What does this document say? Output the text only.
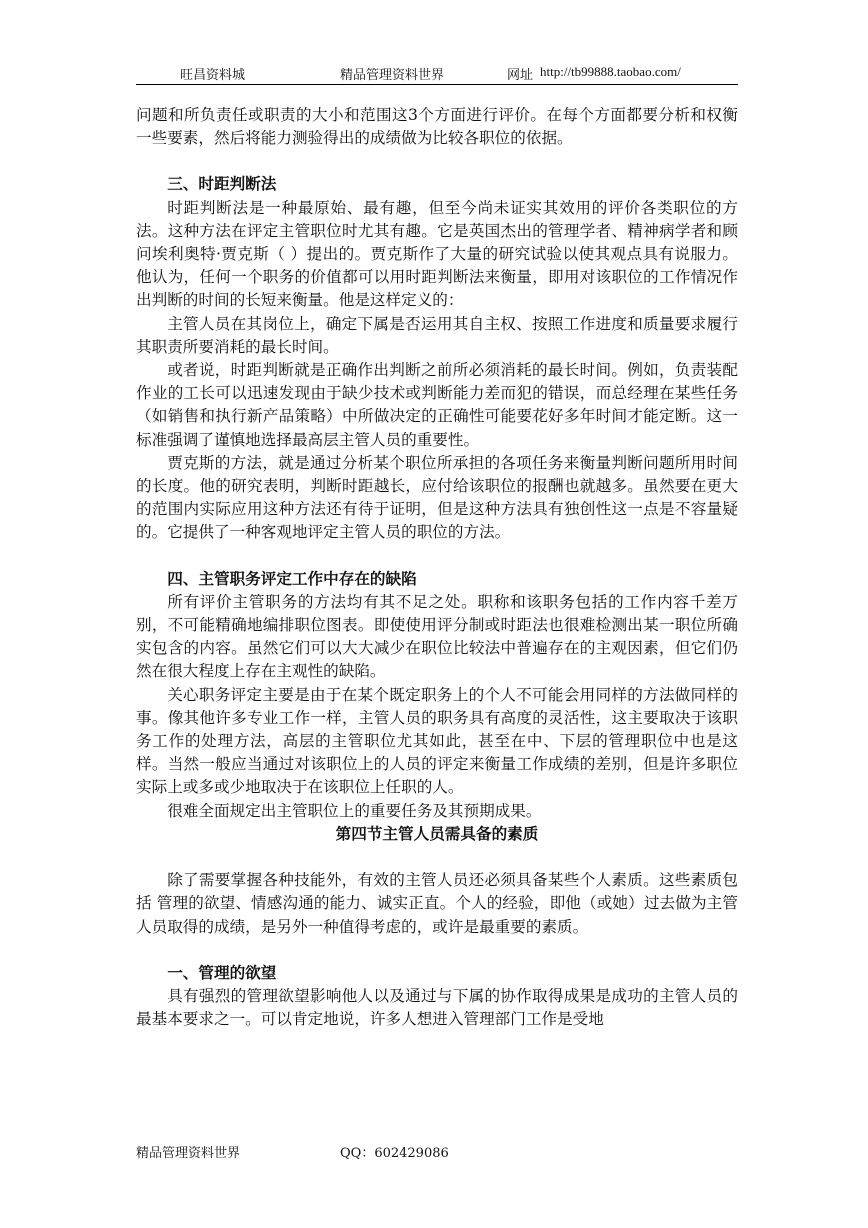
旺昌资料城	精品管理资料世界	网址 http://tb99888.taobao.com/

问题和所负责任或职责的大小和范围这3个方面进行评价。在每个方面都要分析和权衡一些要素，然后将能力测验得出的成绩做为比较各职位的依据。

三、时距判断法

时距判断法是一种最原始、最有趣，但至今尚未证实其效用的评价各类职位的方法。这种方法在评定主管职位时尤其有趣。它是英国杰出的管理学者、精神病学者和顾问埃利奥特·贾克斯（ ）提出的。贾克斯作了大量的研究试验以使其观点具有说服力。他认为，任何一个职务的价值都可以用时距判断法来衡量，即用对该职位的工作情况作出判断的时间的长短来衡量。他是这样定义的：

主管人员在其岗位上，确定下属是否运用其自主权、按照工作进度和质量要求履行其职责所要消耗的最长时间。

或者说，时距判断就是正确作出判断之前所必须消耗的最长时间。例如，负责装配作业的工长可以迅速发现由于缺少技术或判断能力差而犯的错误，而总经理在某些任务（如销售和执行新产品策略）中所做决定的正确性可能要花好多年时间才能定断。这一标准强调了谨慎地选择最高层主管人员的重要性。

贾克斯的方法，就是通过分析某个职位所承担的各项任务来衡量判断问题所用时间的长度。他的研究表明，判断时距越长，应付给该职位的报酬也就越多。虽然要在更大的范围内实际应用这种方法还有待于证明，但是这种方法具有独创性这一点是不容量疑的。它提供了一种客观地评定主管人员的职位的方法。

四、主管职务评定工作中存在的缺陷

所有评价主管职务的方法均有其不足之处。职称和该职务包括的工作内容千差万别，不可能精确地编排职位图表。即使使用评分制或时距法也很难检测出某一职位所确实包含的内容。虽然它们可以大大减少在职位比较法中普遍存在的主观因素，但它们仍然在很大程度上存在主观性的缺陷。

关心职务评定主要是由于在某个既定职务上的个人不可能会用同样的方法做同样的事。像其他许多专业工作一样，主管人员的职务具有高度的灵活性，这主要取决于该职务工作的处理方法，高层的主管职位尤其如此，甚至在中、下层的管理职位中也是这样。当然一般应当通过对该职位上的人员的评定来衡量工作成绩的差别，但是许多职位实际上或多或少地取决于在该职位上任职的人。

很难全面规定出主管职位上的重要任务及其预期成果。

第四节主管人员需具备的素质

除了需要掌握各种技能外，有效的主管人员还必须具备某些个人素质。这些素质包括 管理的欲望、情感沟通的能力、诚实正直。个人的经验，即他（或她）过去做为主管人员取得的成绩，是另外一种值得考虑的，或许是最重要的素质。

一、管理的欲望

具有强烈的管理欲望影响他人以及通过与下属的协作取得成果是成功的主管人员的最基本要求之一。可以肯定地说，许多人想进入管理部门工作是受地

精品管理资料世界	QQ：602429086
